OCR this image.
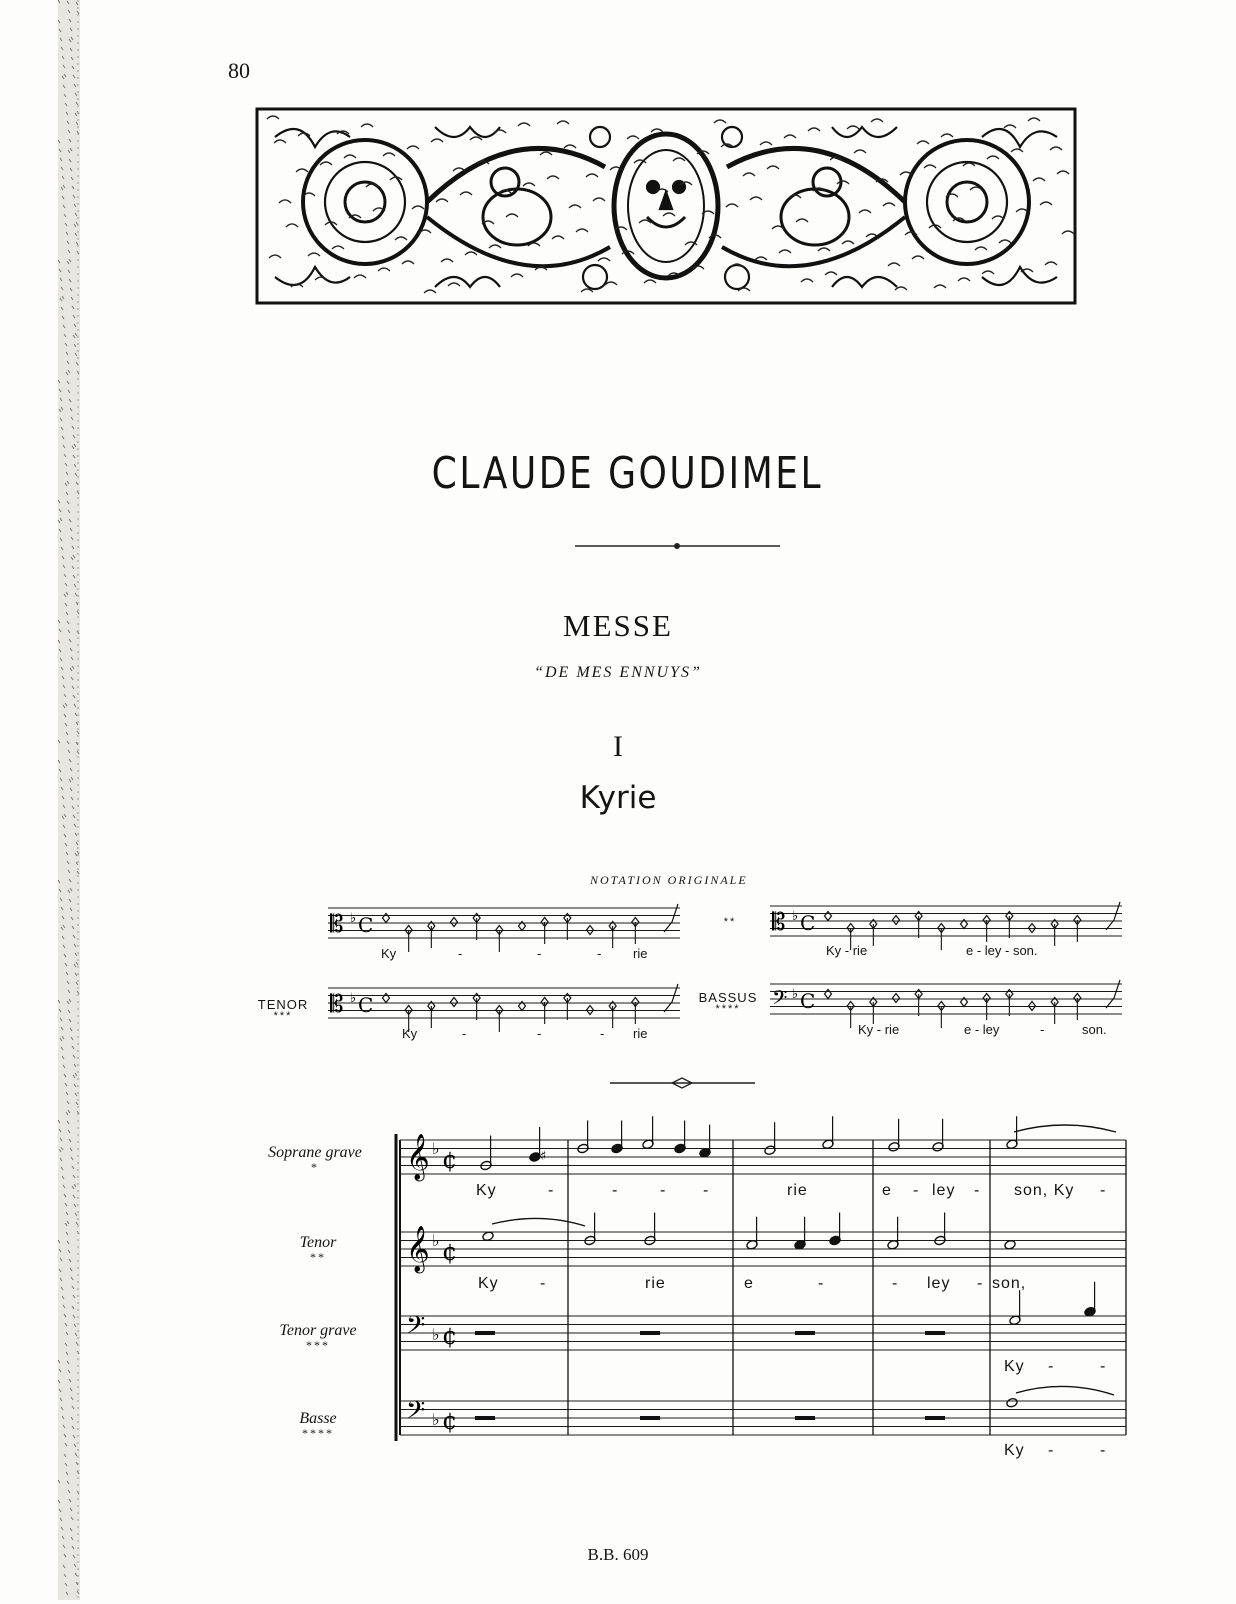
80
CLAUDE GOUDIMEL
MESSE
“DE MES ENNUYS”
I
Kyrie
NOTATION ORIGINALE
𝄡 ♭ C	𝄡 ♭ C
𝄡 ♭ C	𝄢 ♭ C
**
TENOR
***
BASSUS
****
Ky	-	-	- rie	Ky - rie	e - ley - son.
Ky	-	-	- rie	Ky - rie	e - ley	-	son.
𝄞 ♭ ¢
𝄞 ♭ ¢
𝄢 ♭ ¢
𝄢 ♭ ¢
♯
Soprane grave

*
Tenor

**
Tenor grave

***
Basse

****
Ky	-	-	- -	rie	e - ley - son, Ky -
Ky	-	rie	e	-	- ley - son,
Ky -	-
Ky -	-
B.B. 609
